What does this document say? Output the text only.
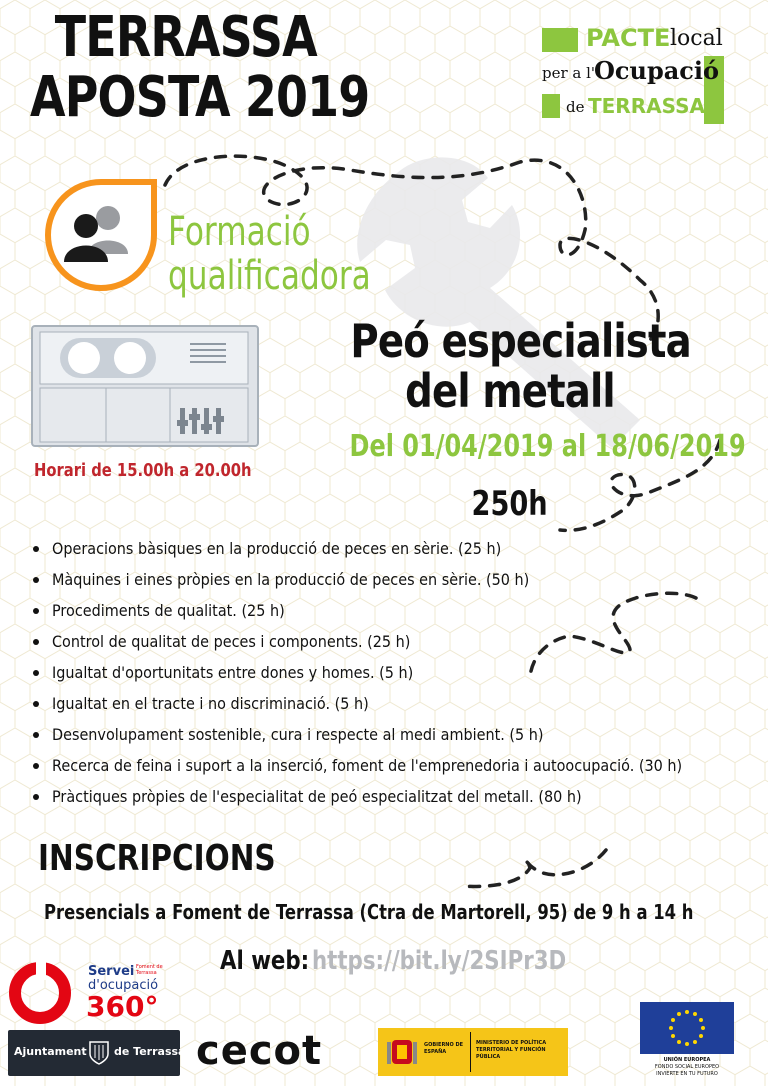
TERRASSA
APOSTA 2019
PACTE local
per a l'
Ocupació
de TERRASSA
Formació
qualificadora
Peó especialista
del metall
Del 01/04/2019 al 18/06/2019
250h
Horari de 15.00h a 20.00h
Operacions bàsiques en la producció de peces en sèrie. (25 h)
Màquines i eines pròpies en la producció de peces en sèrie. (50 h)
Procediments de qualitat. (25 h)
Control de qualitat de peces i components. (25 h)
Igualtat d'oportunitats entre dones y homes. (5 h)
Igualtat en el tracte i no discriminació. (5 h)
Desenvolupament sostenible, cura i respecte al medi ambient. (5 h)
Recerca de feina i suport a la inserció, foment de l'emprenedoria i autoocupació. (30 h)
Pràctiques pròpies de l'especialitat de peó especialitzat del metall. (80 h)
INSCRIPCIONS
Presencials a Foment de Terrassa (Ctra de Martorell, 95) de 9 h a 14 h
Al web: https://bit.ly/2SIPr3D
Servei Foment de Terrassa
d'ocupació
360°
Ajuntament de Terrassa cecot	GOBIERNO DE ESPAÑA
MINISTERIO DE POLÍTICA TERRITORIAL Y FUNCIÓN PÚBLICA	UNIÓN EUROPEA
FONDO SOCIAL EUROPEO
INVIERTE EN TU FUTURO
